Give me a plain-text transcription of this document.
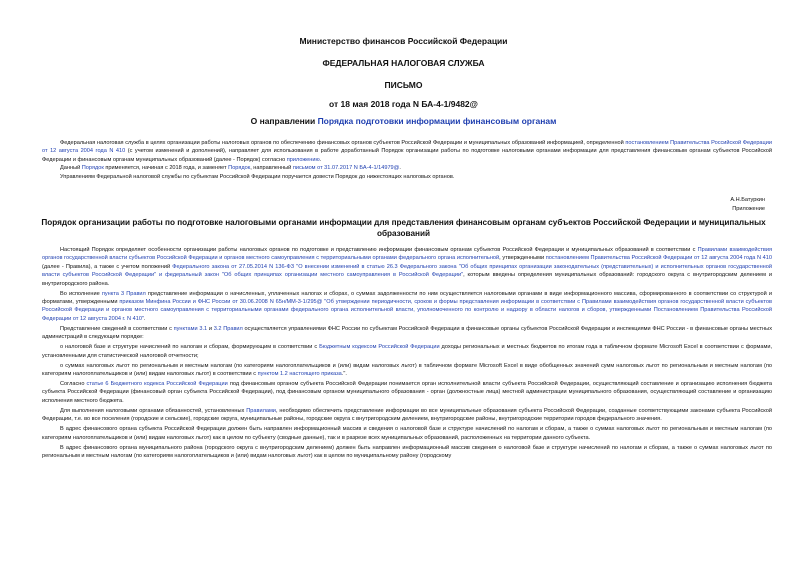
Министерство финансов Российской Федерации
ФЕДЕРАЛЬНАЯ НАЛОГОВАЯ СЛУЖБА
ПИСЬМО
от 18 мая 2018 года N БА-4-1/9482@
О направлении Порядка подготовки информации финансовым органам

Федеральная налоговая служба в целях организации работы налоговых органов по обеспечению финансовых органов субъектов Российской Федерации и муниципальных образований информацией, определенной постановлением Правительства Российской Федерации от 12 августа 2004 года N 410 (с учетом изменений и дополнений), направляет для использования в работе доработанный Порядок организации работы по подготовке налоговыми органами информации для представления финансовым органам субъектов Российской Федерации и финансовым органам муниципальных образований (далее - Порядок) согласно приложению.

Данный Порядок применяется, начиная с 2018 года, и заменяет Порядок, направленный письмом от 31.07.2017 N БА-4-1/14979@.

Управлениям Федеральной налоговой службы по субъектам Российской Федерации поручается довести Порядок до нижестоящих налоговых органов.

А.Н.Батуркин
Приложение
Порядок организации работы по подготовке налоговыми органами информации для представления финансовым органам субъектов Российской Федерации и муниципальных образований

Настоящий Порядок определяет особенности организации работы налоговых органов по подготовке и представлению информации финансовым органам субъектов Российской Федерации и муниципальных образований в соответствии с Правилами взаимодействия органов государственной власти субъектов Российской Федерации и органов местного самоуправления с территориальными органами федерального органа исполнительной, утвержденными постановлением Правительства Российской Федерации от 12 августа 2004 года N 410 (далее - Правила), а также с учетом положений Федерального закона от 27.05.2014 N 136-ФЗ "О внесении изменений в статью 26.3 Федерального закона "Об общих принципах организации законодательных (представительных) и исполнительных органов государственной власти субъектов Российской Федерации" и федеральный закон "Об общих принципах организации местного самоуправления в Российской Федерации", которым введены определения муниципальных образований: городского округа с внутригородским делением и внутригородского района.

Во исполнение пункта 3 Правил представление информации о начисленных, уплаченных налогах и сборах, о суммах задолженности по ним осуществляется налоговыми органами в виде информационного массива, сформированного в соответствии со структурой и форматами, утвержденными приказом Минфина России и ФНС России от 30.06.2008 N 65н/ММ-3-1/295@ "Об утверждении периодичности, сроков и формы представления информации в соответствии с Правилами взаимодействия органов государственной власти субъектов Российской Федерации и органов местного самоуправления с территориальными органами федерального органа исполнительной власти, уполномоченного по контролю и надзору в области налогов и сборов, утвержденными Постановлением Правительства Российской Федерации от 12 августа 2004 г. N 410".

Представление сведений в соответствии с пунктами 3.1 и 3.2 Правил осуществляется управлениями ФНС России по субъектам Российской Федерации в финансовые органы субъектов Российской Федерации и инспекциями ФНС России - в финансовые органы местных администраций в следующем порядке:

о налоговой базе и структуре начислений по налогам и сборам, формирующим в соответствии с Бюджетным кодексом Российской Федерации доходы региональных и местных бюджетов по итогам года в табличном формате Microsoft Excel в соответствии с формами, установленными для статистической налоговой отчетности;

о суммах налоговых льгот по региональным и местным налогам (по категориям налогоплательщиков и (или) видам налоговых льгот) в табличном формате Microsoft Excel в виде обобщенных значений сумм налоговых льгот по региональным и местным налогам (по категориям налогоплательщиков и (или) видам налоговых льгот) в соответствии с пунктом 1.2 настоящего приказа.".

Согласно статье 6 Бюджетного кодекса Российской Федерации под финансовым органом субъекта Российской Федерации понимается орган исполнительной власти субъекта Российской Федерации, осуществляющий составление и организацию исполнения бюджета субъекта Российской Федерации (финансовый орган субъекта Российской Федерации), под финансовым органом муниципального образования - орган (должностные лица) местной администрации муниципального образования, осуществляющий составление и организацию исполнения местного бюджета.

Для выполнения налоговыми органами обязанностей, установленных Правилами, необходимо обеспечить представление информации во все муниципальные образования субъекта Российской Федерации, созданные соответствующими законами субъекта Российской Федерации, т.е. во все поселения (городские и сельские), городские округа, муниципальные районы, городские округа с внутригородским делением, внутригородские районы, внутригородские территории городов федерального значения.

В адрес финансового органа субъекта Российской Федерации должен быть направлен информационный массив и сведения о налоговой базе и структуре начислений по налогам и сборам, а также о суммах налоговых льгот по региональным и местным налогам (по категориям налогоплательщиков и (или) видам налоговых льгот) как в целом по субъекту (сводные данные), так и в разрезе всех муниципальных образований, расположенных на территории данного субъекта.

В адрес финансового органа муниципального района (городского округа с внутригородским делением) должен быть направлен информационный массив сведения о налоговой базе и структуре начислений по налогам и сборам, а также о суммах налоговых льгот по региональным и местным налогам (по категориям налогоплательщиков и (или) видам налоговых льгот) как в целом по муниципальному району (городскому
